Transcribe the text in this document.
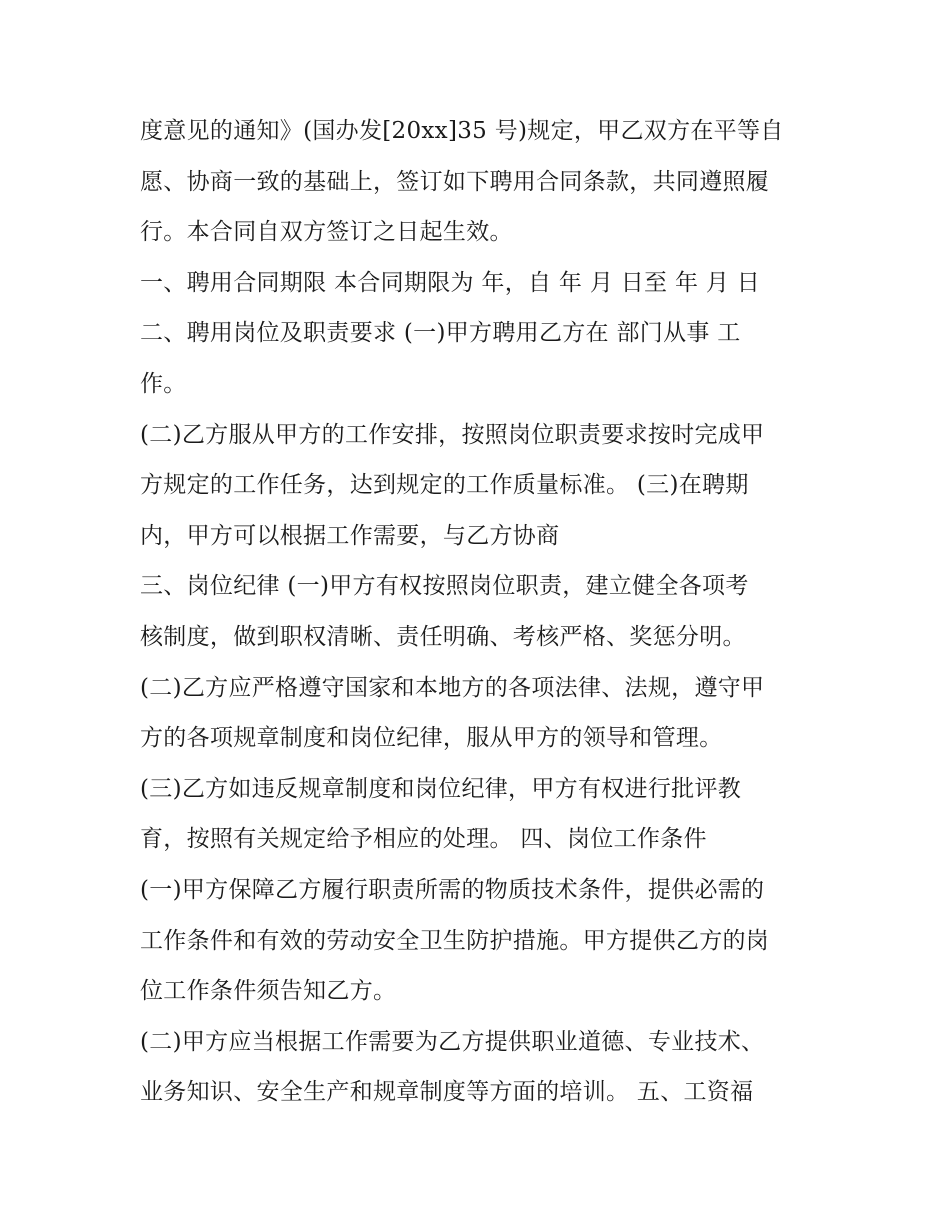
度意见的通知》(国办发[20xx]35 号)规定，甲乙双方在平等自
愿、协商一致的基础上，签订如下聘用合同条款，共同遵照履
行。本合同自双方签订之日起生效。
一、聘用合同期限 本合同期限为 年，自 年 月 日至 年 月 日
二、聘用岗位及职责要求 (一)甲方聘用乙方在 部门从事 工
作。
(二)乙方服从甲方的工作安排，按照岗位职责要求按时完成甲
方规定的工作任务，达到规定的工作质量标准。 (三)在聘期
内，甲方可以根据工作需要，与乙方协商
三、岗位纪律 (一)甲方有权按照岗位职责，建立健全各项考
核制度，做到职权清晰、责任明确、考核严格、奖惩分明。
(二)乙方应严格遵守国家和本地方的各项法律、法规，遵守甲
方的各项规章制度和岗位纪律，服从甲方的领导和管理。
(三)乙方如违反规章制度和岗位纪律，甲方有权进行批评教
育，按照有关规定给予相应的处理。 四、岗位工作条件
(一)甲方保障乙方履行职责所需的物质技术条件，提供必需的
工作条件和有效的劳动安全卫生防护措施。甲方提供乙方的岗
位工作条件须告知乙方。
(二)甲方应当根据工作需要为乙方提供职业道德、专业技术、
业务知识、安全生产和规章制度等方面的培训。 五、工资福
